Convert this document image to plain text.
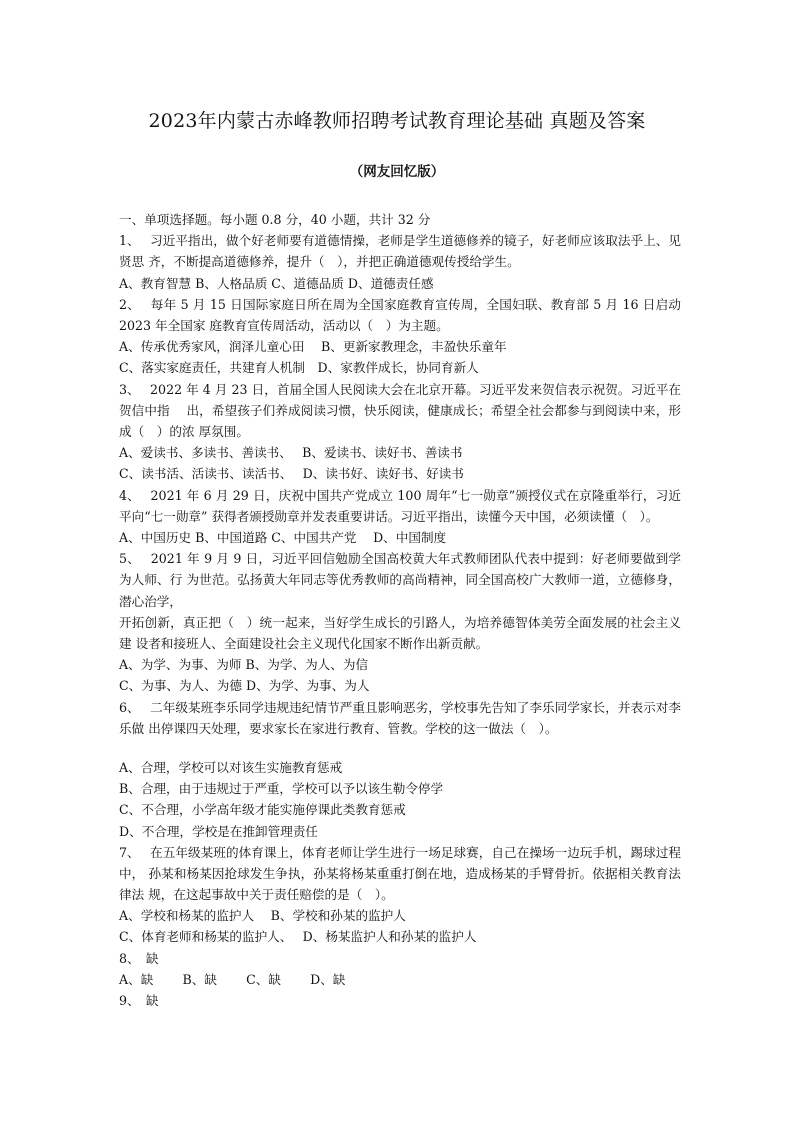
2023年内蒙古赤峰教师招聘考试教育理论基础 真题及答案
（网友回忆版）
一、单项选择题。每小题 0.8 分，40 小题，共计 32 分
1、　 习近平指出，做个好老师要有道德情操，老师是学生道德修养的镜子，好老师应该取法乎上、见贤思 齐，不断提高道德修养，提升（　），并把正确道德观传授给学生。
A、教育智慧 B、人格品质 C、道德品质 D、道德责任感
2、　 每年 5 月 15 日国际家庭日所在周为全国家庭教育宣传周，全国妇联、教育部 5 月 16 日启动 2023 年全国家 庭教育宣传周活动，活动以（　）为主题。
A、传承优秀家风，润泽儿童心田　 B、更新家教理念，丰盈快乐童年
C、落实家庭责任，共建育人机制　D、家教伴成长，协同育新人
3、　 2022 年 4 月 23 日，首届全国人民阅读大会在北京开幕。习近平发来贺信表示祝贺。习近平在贺信中指　 出，希望孩子们养成阅读习惯，快乐阅读，健康成长；希望全社会都参与到阅读中来，形成（　）的浓 厚氛围。
A、爱读书、多读书、善读书、　 B、爱读书、读好书、善读书
C、读书活、活读书、读活书、　 D、读书好、读好书、好读书
4、　 2021 年 6 月 29 日，庆祝中国共产党成立 100 周年“七一勋章”颁授仪式在京隆重举行，习近平向“七一勋章” 获得者颁授勋章并发表重要讲话。习近平指出，读懂今天中国，必须读懂（　）。
A、中国历史 B、中国道路 C、中国共产党　 D、中国制度
5、　 2021 年 9 月 9 日，习近平回信勉励全国高校黄大年式教师团队代表中提到：好老师要做到学为人师、行 为世范。弘扬黄大年同志等优秀教师的高尚精神，同全国高校广大教师一道，立德修身，潜心治学，
开拓创新，真正把（　）统一起来，当好学生成长的引路人，为培养德智体美劳全面发展的社会主义建 设者和接班人、全面建设社会主义现代化国家不断作出新贡献。
A、为学、为事、为师 B、为学、为人、为信
C、为事、为人、为德 D、为学、为事、为人
6、　 二年级某班李乐同学违规违纪情节严重且影响恶劣，学校事先告知了李乐同学家长，并表示对李乐做 出停课四天处理，要求家长在家进行教育、管教。学校的这一做法（　）。
A、合理，学校可以对该生实施教育惩戒
B、合理，由于违规过于严重，学校可以予以该生勒令停学
C、不合理，小学高年级才能实施停课此类教育惩戒
D、不合理，学校是在推卸管理责任
7、　 在五年级某班的体育课上，体育老师让学生进行一场足球赛，自己在操场一边玩手机，踢球过程中， 孙某和杨某因抢球发生争执，孙某将杨某重重打倒在地，造成杨某的手臂骨折。依据相关教育法律法 规，在这起事故中关于责任赔偿的是（　）。
A、学校和杨某的监护人　 B、学校和孙某的监护人
C、体育老师和杨某的监护人、　 D、杨某监护人和孙某的监护人
8、　缺
A、缺　　 B、缺　　 C、缺　　 D、缺
9、　缺
